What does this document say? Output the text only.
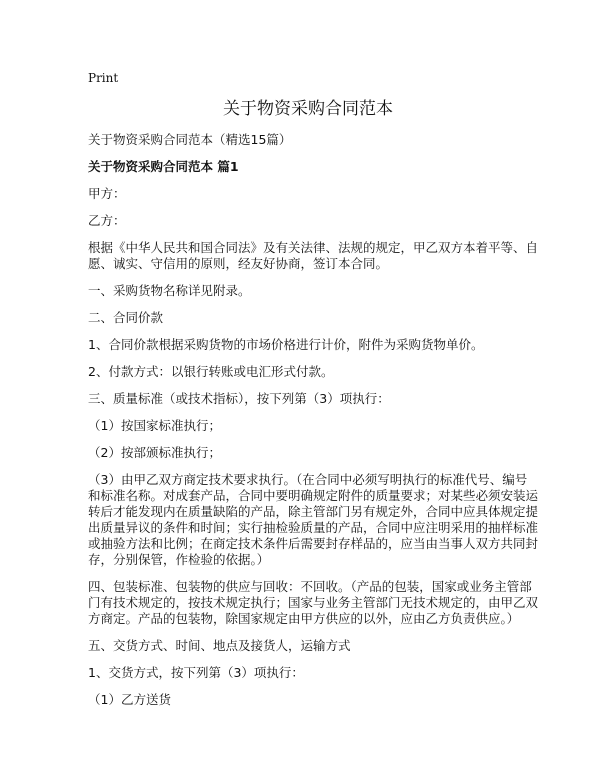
Print
关于物资采购合同范本
关于物资采购合同范本（精选15篇）
关于物资采购合同范本 篇1
甲方：
乙方：
根据《中华人民共和国合同法》及有关法律、法规的规定，甲乙双方本着平等、自
愿、诚实、守信用的原则，经友好协商，签订本合同。
一、采购货物名称详见附录。
二、合同价款
1、合同价款根据采购货物的市场价格进行计价，附件为采购货物单价。
2、付款方式：以银行转账或电汇形式付款。
三、质量标准（或技术指标），按下列第（3）项执行：
（1）按国家标准执行；
（2）按部颁标准执行；
（3）由甲乙双方商定技术要求执行。（在合同中必须写明执行的标准代号、编号
和标准名称。对成套产品，合同中要明确规定附件的质量要求；对某些必须安装运
转后才能发现内在质量缺陷的产品，除主管部门另有规定外，合同中应具体规定提
出质量异议的条件和时间；实行抽检验质量的产品，合同中应注明采用的抽样标准
或抽验方法和比例；在商定技术条件后需要封存样品的，应当由当事人双方共同封
存，分别保管，作检验的依据。）
四、包装标准、包装物的供应与回收：不回收。（产品的包装，国家或业务主管部
门有技术规定的，按技术规定执行；国家与业务主管部门无技术规定的，由甲乙双
方商定。产品的包装物，除国家规定由甲方供应的以外，应由乙方负责供应。）
五、交货方式、时间、地点及接货人，运输方式
1、交货方式，按下列第（3）项执行：
（1）乙方送货
